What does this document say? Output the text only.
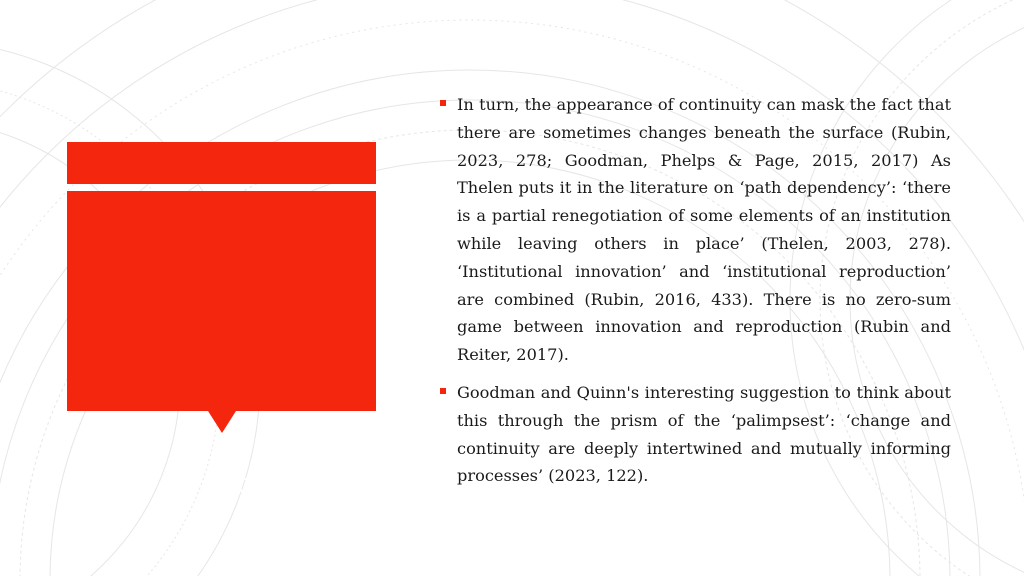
5. Conclusions

In turn, the appearance of continuity can mask the fact that there are sometimes changes beneath the surface (Rubin, 2023, 278; Goodman, Phelps & Page, 2015, 2017) As Thelen puts it in the literature on ‘path dependency’: ‘there is a partial renegotiation of some elements of an institution while leaving others in place’ (Thelen, 2003, 278). ‘Institutional innovation’ and ‘institutional reproduction’ are combined (Rubin, 2016, 433). There is no zero-sum game between innovation and reproduction (Rubin and Reiter, 2017).

Goodman and Quinn's interesting suggestion to think about this through the prism of the ‘palimpsest’: ‘change and continuity are deeply intertwined and mutually informing processes’ (2023, 122).
